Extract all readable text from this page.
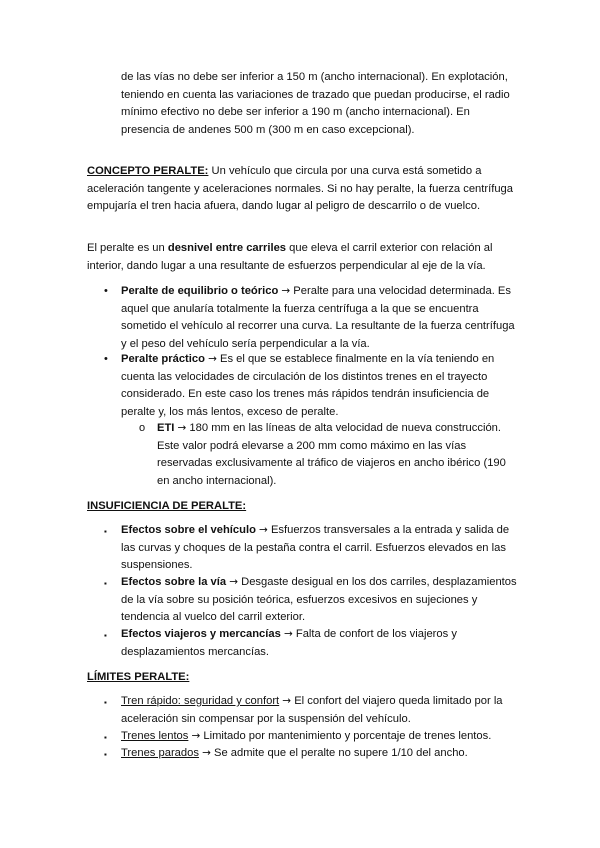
de las vías no debe ser inferior a 150 m (ancho internacional). En explotación, teniendo en cuenta las variaciones de trazado que puedan producirse, el radio mínimo efectivo no debe ser inferior a 190 m (ancho internacional). En presencia de andenes 500 m (300 m en caso excepcional).

CONCEPTO PERALTE: Un vehículo que circula por una curva está sometido a aceleración tangente y aceleraciones normales. Si no hay peralte, la fuerza centrífuga empujaría el tren hacia afuera, dando lugar al peligro de descarrilo o de vuelco.

El peralte es un desnivel entre carriles que eleva el carril exterior con relación al interior, dando lugar a una resultante de esfuerzos perpendicular al eje de la vía.

• Peralte de equilibrio o teórico → Peralte para una velocidad determinada. Es aquel que anularía totalmente la fuerza centrífuga a la que se encuentra sometido el vehículo al recorrer una curva. La resultante de la fuerza centrífuga y el peso del vehículo sería perpendicular a la vía.

• Peralte práctico → Es el que se establece finalmente en la vía teniendo en cuenta las velocidades de circulación de los distintos trenes en el trayecto considerado. En este caso los trenes más rápidos tendrán insuficiencia de peralte y, los más lentos, exceso de peralte.

o ETI → 180 mm en las líneas de alta velocidad de nueva construcción. Este valor podrá elevarse a 200 mm como máximo en las vías reservadas exclusivamente al tráfico de viajeros en ancho ibérico (190 en ancho internacional).

INSUFICIENCIA DE PERALTE:

▪ Efectos sobre el vehículo → Esfuerzos transversales a la entrada y salida de las curvas y choques de la pestaña contra el carril. Esfuerzos elevados en las suspensiones.

▪ Efectos sobre la vía → Desgaste desigual en los dos carriles, desplazamientos de la vía sobre su posición teórica, esfuerzos excesivos en sujeciones y tendencia al vuelco del carril exterior.

▪ Efectos viajeros y mercancías → Falta de confort de los viajeros y desplazamientos mercancías.

LÍMITES PERALTE:

▪ Tren rápido: seguridad y confort → El confort del viajero queda limitado por la aceleración sin compensar por la suspensión del vehículo.

▪ Trenes lentos → Limitado por mantenimiento y porcentaje de trenes lentos.

▪ Trenes parados → Se admite que el peralte no supere 1/10 del ancho.
